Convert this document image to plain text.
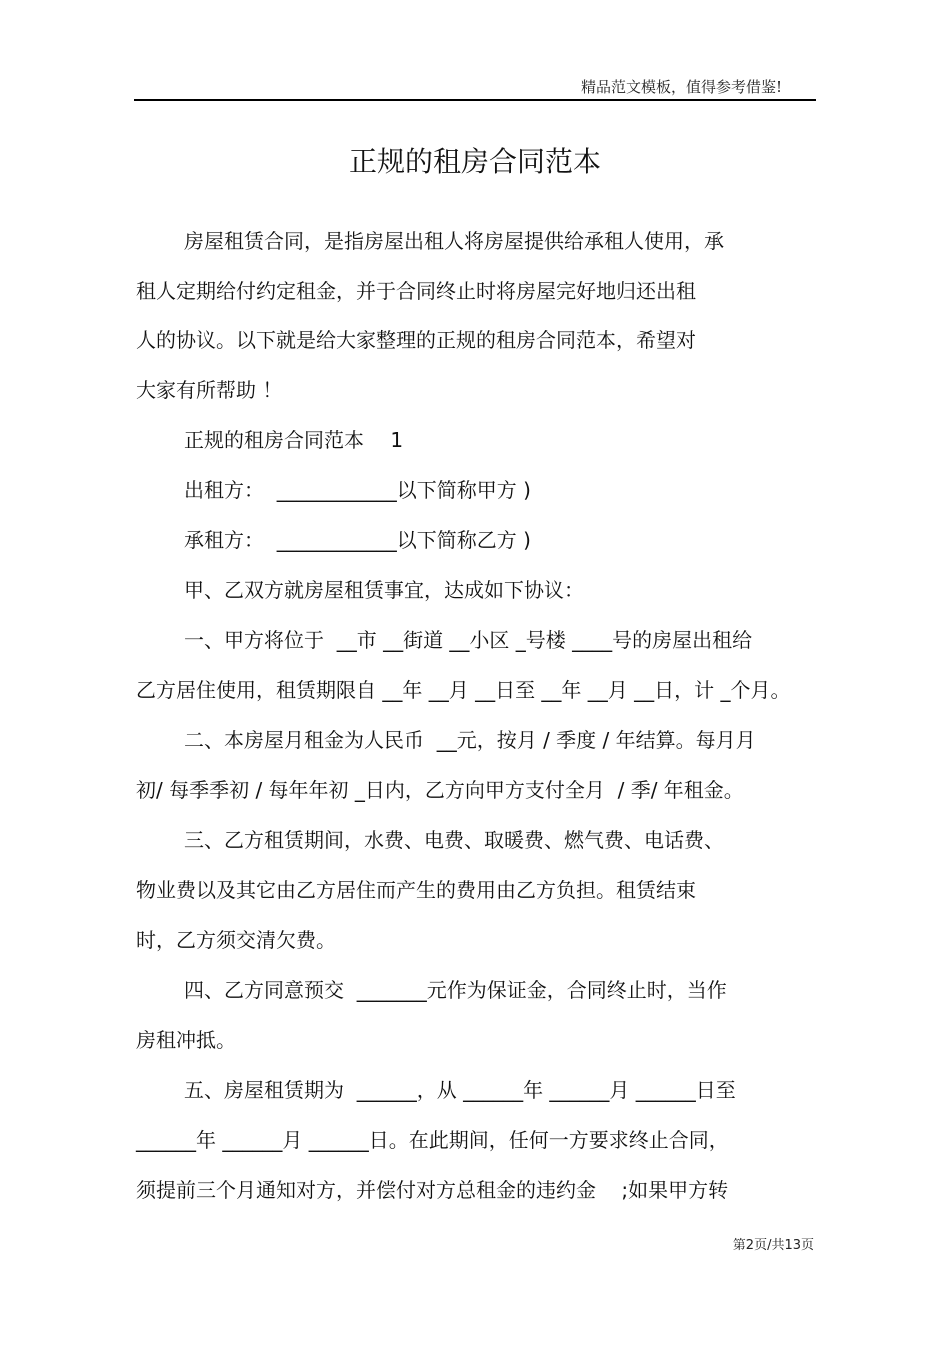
精品范文模板，值得参考借鉴!
正规的租房合同范本
房屋租赁合同，是指房屋出租人将房屋提供给承租人使用，承
租人定期给付约定租金，并于合同终止时将房屋完好地归还出租
人的协议。以下就是给大家整理的正规的租房合同范本，希望对
大家有所帮助 ！
正规的租房合同范本　 1
出租方：  ____________以下简称甲方 )
承租方：  ____________以下简称乙方 )
甲、乙双方就房屋租赁事宜，达成如下协议：
一、甲方将位于  __市 __街道 __小区 _号楼 ____号的房屋出租给
乙方居住使用，租赁期限自 __年 __月 __日至 __年 __月 __日，计 _个月。
二、本房屋月租金为人民币  __元，按月 / 季度 / 年结算。每月月
初/ 每季季初 / 每年年初 _日内，乙方向甲方支付全月  / 季/ 年租金。
三、乙方租赁期间，水费、电费、取暖费、燃气费、电话费、
物业费以及其它由乙方居住而产生的费用由乙方负担。租赁结束
时，乙方须交清欠费。
四、乙方同意预交  _______元作为保证金，合同终止时，当作
房租冲抵。
五、房屋租赁期为  ______，从 ______年 ______月 ______日至
______年 ______月 ______日。在此期间，任何一方要求终止合同，
须提前三个月通知对方，并偿付对方总租金的违约金    ;如果甲方转
第2页/共13页
